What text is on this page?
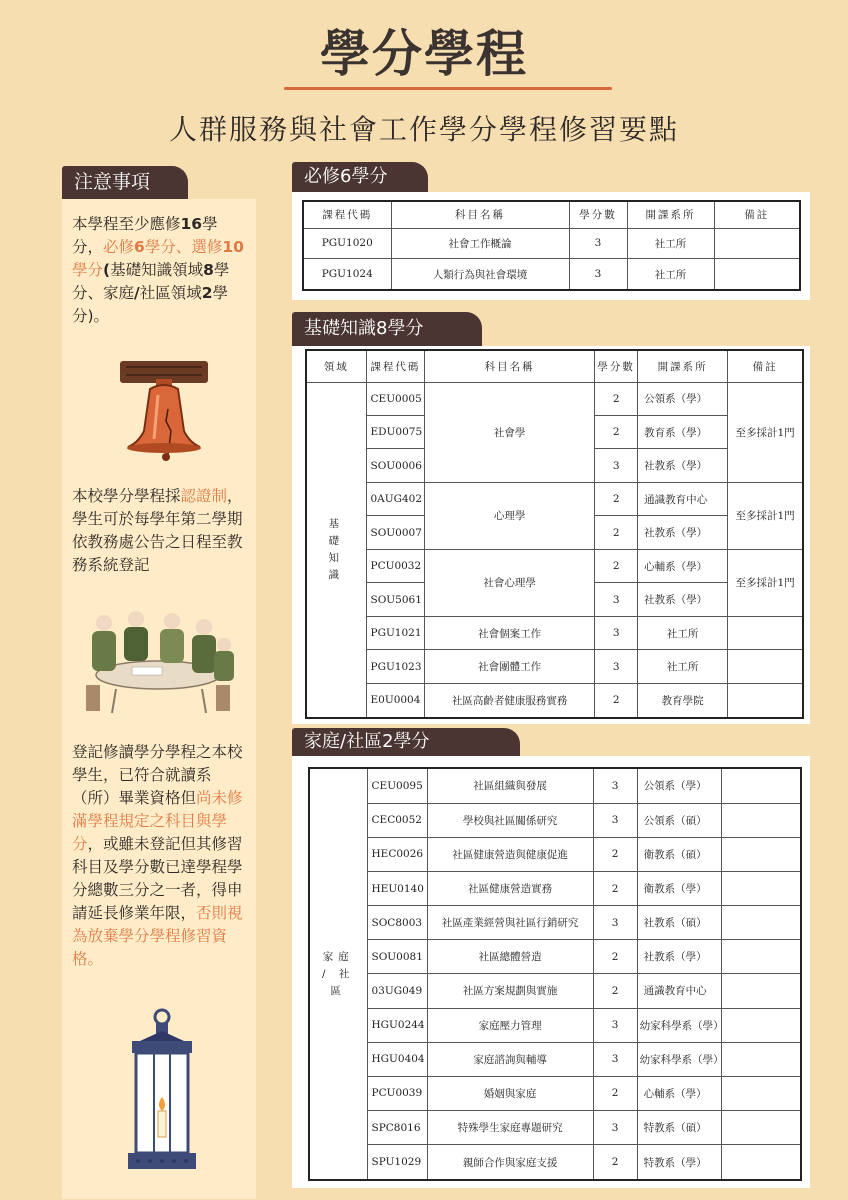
學分學程
人群服務與社會工作學分學程修習要點
注意事項
本學程至少應修16學分，必修6學分、選修10學分(基礎知識領域8學分、家庭/社區領域2學分)。
本校學分學程採認證制，學生可於每學年第二學期依教務處公告之日程至教務系統登記
登記修讀學分學程之本校學生，已符合就讀系（所）畢業資格但尚未修滿學程規定之科目與學分，或雖未登記但其修習科目及學分數已達學程學分總數三分之一者，得申請延長修業年限，否則視為放棄學分學程修習資格。
必修6學分
課程代碼	科目名稱	學分數	開課系所	備註
PGU1020	社會工作概論	3	社工所	
PGU1024	人類行為與社會環境	3	社工所	
基礎知識8學分
領域	課程代碼	科目名稱	學分數	開課系所	備註
基礎知識	CEU0005	社會學	2	公領系（學）	至多採計1門
	EDU0075		2	教育系（學）	
	SOU0006		3	社教系（學）	
	0AUG402	心理學	2	通識教育中心	至多採計1門
	SOU0007		2	社教系（學）	
	PCU0032	社會心理學	2	心輔系（學）	至多採計1門
	SOU5061		3	社教系（學）	
	PGU1021	社會個案工作	3	社工所	
	PGU1023	社會團體工作	3	社工所	
	E0U0004	社區高齡者健康服務實務	2	教育學院	
家庭/社區2學分
家庭 / 社區	CEU0095	社區組織與發展	3	公領系（學）	
	CEC0052	學校與社區關係研究	3	公領系（碩）	
	HEC0026	社區健康營造與健康促進	2	衛教系（碩）	
	HEU0140	社區健康營造實務	2	衛教系（學）	
	SOC8003	社區產業經營與社區行銷研究	3	社教系（碩）	
	SOU0081	社區總體營造	2	社教系（學）	
	03UG049	社區方案規劃與實施	2	通識教育中心	
	HGU0244	家庭壓力管理	3	幼家科學系（學）	
	HGU0404	家庭諮詢與輔導	3	幼家科學系（學）	
	PCU0039	婚姻與家庭	2	心輔系（學）	
	SPC8016	特殊學生家庭專題研究	3	特教系（碩）	
	SPU1029	親師合作與家庭支援	2	特教系（學）	
